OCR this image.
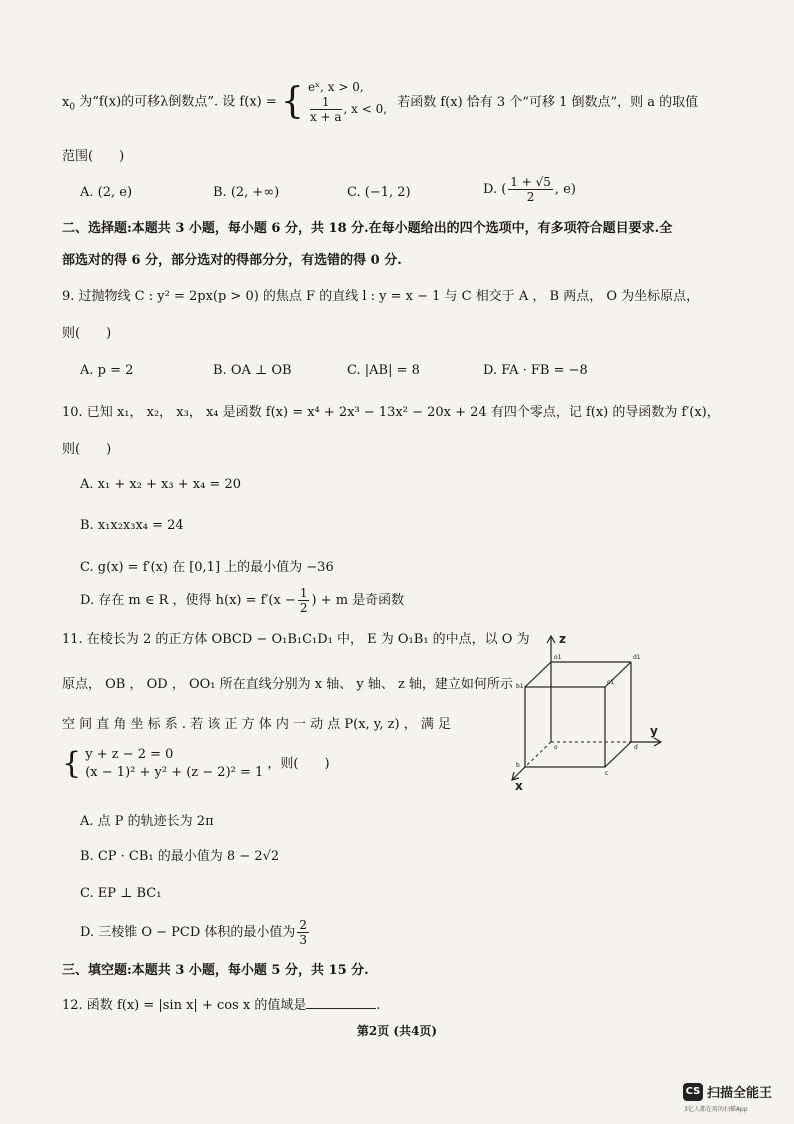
$x_0$ 为“f(x)的可移λ倒数点”. 设 f(x) = { eˣ, x > 0,
$\frac{1}{x + a}$ , x < 0, 若函数 f(x) 恰有 3 个“可移 1 倒数点”，则 a 的取值
范围(　　)
A. (2, e)	B. (2, +∞)	C. (−1, 2)	D. ( $\frac{1 + √5}{2}$ , e)
二、选择题:本题共 3 小题，每小题 6 分，共 18 分.在每小题给出的四个选项中，有多项符合题目要求.全
部选对的得 6 分，部分选对的得部分分，有选错的得 0 分.
9. 过抛物线 C : y² = 2px(p > 0) 的焦点 F 的直线 l : y = x − 1 与 C 相交于 A ， B 两点， O 为坐标原点，
则(　　)
A. p = 2	B. OA ⊥ OB	C. |AB| = 8	D. FA · FB = −8
10. 已知 x₁， x₂， x₃， x₄ 是函数 f(x) = x⁴ + 2x³ − 13x² − 20x + 24 有四个零点，记 f(x) 的导函数为 f′(x)，
则(　　)
A. x₁ + x₂ + x₃ + x₄ = 20
B. x₁x₂x₃x₄ = 24
C. g(x) = f′(x) 在 [0,1] 上的最小值为 −36
D. 存在 m ∈ R ，使得 $h(x) = f'(x - \frac{1}{2}$ ) + m 是奇函数
11. 在棱长为 2 的正方体 OBCD − O₁B₁C₁D₁ 中， E 为 O₁B₁ 的中点，以 O 为
原点， OB ， OD ， OO₁ 所在直线分别为 x 轴、 y 轴、 z 轴，建立如何所示
空 间 直 角 坐 标 系 . 若 该 正 方 体 内 一 动 点 P(x, y, z) ， 满 足
{ y + z − 2 = 0
(x − 1)² + y² + (z − 2)² = 1
，则(　　)
A. 点 P 的轨迹长为 2π
B. CP · CB₁ 的最小值为 8 − 2√2
C. EP ⊥ BC₁
D. 三棱锥 O − PCD 体积的最小值为 $\frac{2}{3}$
o1	d1
b1
c1
o	d
b
c
z
y
x
三、填空题:本题共 3 小题，每小题 5 分，共 15 分.
12. 函数 f(x) = |sin x| + cos x 的值域是	.
第2页 (共4页)
CS 扫描全能王
3亿人都在用的扫描App
